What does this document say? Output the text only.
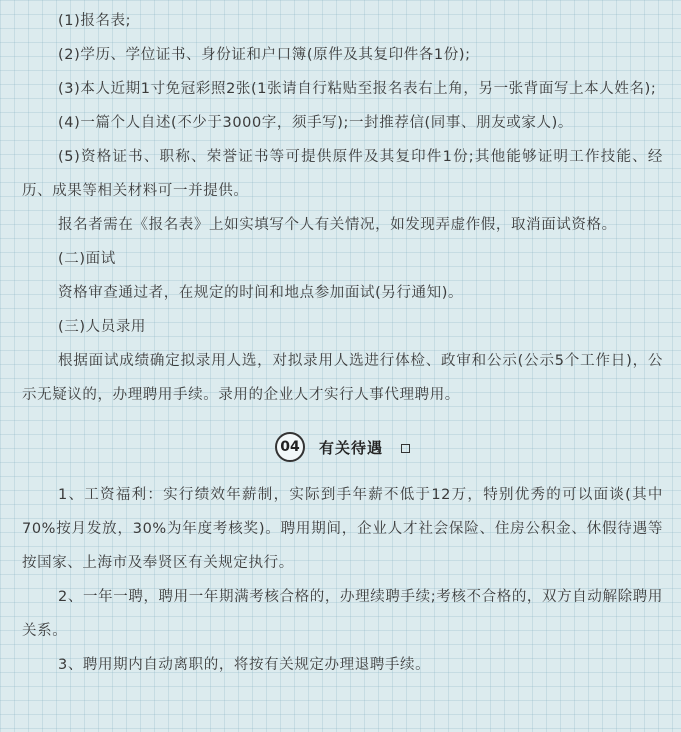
(1)报名表;

(2)学历、学位证书、身份证和户口簿(原件及其复印件各1份);

(3)本人近期1寸免冠彩照2张(1张请自行粘贴至报名表右上角，另一张背面写上本人姓名);

(4)一篇个人自述(不少于3000字，须手写);一封推荐信(同事、朋友或家人)。

(5)资格证书、职称、荣誉证书等可提供原件及其复印件1份;其他能够证明工作技能、经历、成果等相关材料可一并提供。

报名者需在《报名表》上如实填写个人有关情况，如发现弄虚作假，取消面试资格。

(二)面试

资格审查通过者，在规定的时间和地点参加面试(另行通知)。

(三)人员录用

根据面试成绩确定拟录用人选，对拟录用人选进行体检、政审和公示(公示5个工作日)，公示无疑议的，办理聘用手续。录用的企业人才实行人事代理聘用。

04	有关待遇

1、工资福利：实行绩效年薪制，实际到手年薪不低于12万，特别优秀的可以面谈(其中70%按月发放，30%为年度考核奖)。聘用期间，企业人才社会保险、住房公积金、休假待遇等按国家、上海市及奉贤区有关规定执行。

2、一年一聘，聘用一年期满考核合格的，办理续聘手续;考核不合格的，双方自动解除聘用关系。

3、聘用期内自动离职的，将按有关规定办理退聘手续。
